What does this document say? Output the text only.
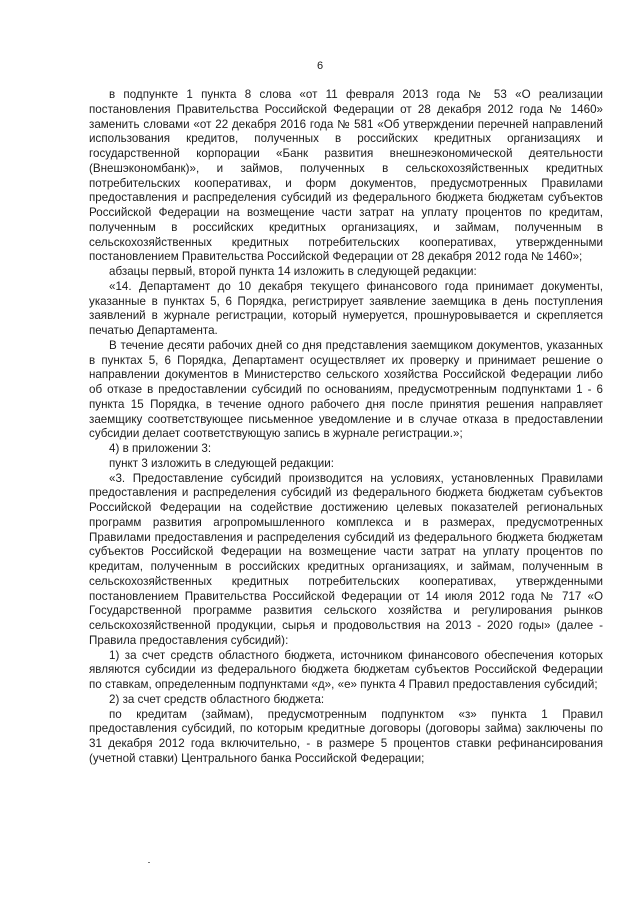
6

в подпункте 1 пункта 8 слова «от 11 февраля 2013 года № 53 «О реализации постановления Правительства Российской Федерации от 28 декабря 2012 года № 1460» заменить словами «от 22 декабря 2016 года № 581 «Об утверждении перечней направлений использования кредитов, полученных в российских кредитных организациях и государственной корпорации «Банк развития внешнеэкономической деятельности (Внешэкономбанк)», и займов, полученных в сельскохозяйственных кредитных потребительских кооперативах, и форм документов, предусмотренных Правилами предоставления и распределения субсидий из федерального бюджета бюджетам субъектов Российской Федерации на возмещение части затрат на уплату процентов по кредитам, полученным в российских кредитных организациях, и займам, полученным в сельскохозяйственных кредитных потребительских кооперативах, утвержденными постановлением Правительства Российской Федерации от 28 декабря 2012 года № 1460»;

абзацы первый, второй пункта 14 изложить в следующей редакции:

«14. Департамент до 10 декабря текущего финансового года принимает документы, указанные в пунктах 5, 6 Порядка, регистрирует заявление заемщика в день поступления заявлений в журнале регистрации, который нумеруется, прошнуровывается и скрепляется печатью Департамента.

В течение десяти рабочих дней со дня представления заемщиком документов, указанных в пунктах 5, 6 Порядка, Департамент осуществляет их проверку и принимает решение о направлении документов в Министерство сельского хозяйства Российской Федерации либо об отказе в предоставлении субсидий по основаниям, предусмотренным подпунктами 1 - 6 пункта 15 Порядка, в течение одного рабочего дня после принятия решения направляет заемщику соответствующее письменное уведомление и в случае отказа в предоставлении субсидии делает соответствующую запись в журнале регистрации.»;

4) в приложении 3:

пункт 3 изложить в следующей редакции:

«3. Предоставление субсидий производится на условиях, установленных Правилами предоставления и распределения субсидий из федерального бюджета бюджетам субъектов Российской Федерации на содействие достижению целевых показателей региональных программ развития агропромышленного комплекса и в размерах, предусмотренных Правилами предоставления и распределения субсидий из федерального бюджета бюджетам субъектов Российской Федерации на возмещение части затрат на уплату процентов по кредитам, полученным в российских кредитных организациях, и займам, полученным в сельскохозяйственных кредитных потребительских кооперативах, утвержденными постановлением Правительства Российской Федерации от 14 июля 2012 года № 717 «О Государственной программе развития сельского хозяйства и регулирования рынков сельскохозяйственной продукции, сырья и продовольствия на 2013 - 2020 годы» (далее - Правила предоставления субсидий):

1) за счет средств областного бюджета, источником финансового обеспечения которых являются субсидии из федерального бюджета бюджетам субъектов Российской Федерации по ставкам, определенным подпунктами «д», «е» пункта 4 Правил предоставления субсидий;

2) за счет средств областного бюджета:

по кредитам (займам), предусмотренным подпунктом «з» пункта 1 Правил предоставления субсидий, по которым кредитные договоры (договоры займа) заключены по 31 декабря 2012 года включительно, - в размере 5 процентов ставки рефинансирования (учетной ставки) Центрального банка Российской Федерации;
